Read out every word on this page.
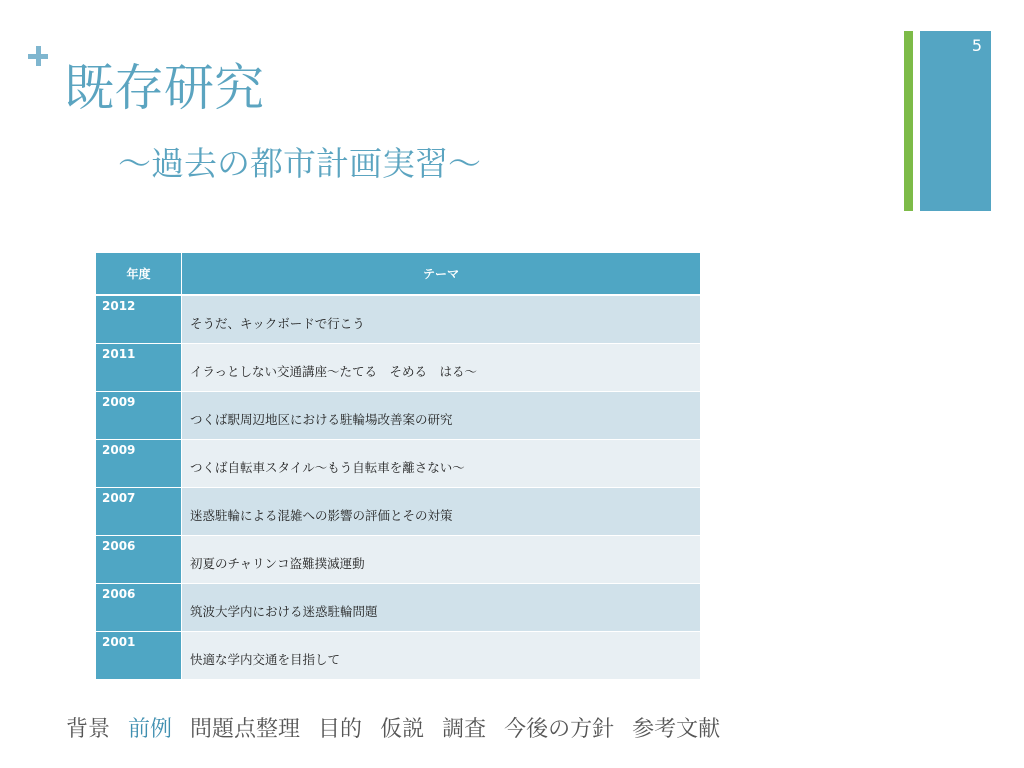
既存研究
～過去の都市計画実習～
5
年度	テーマ
2012	そうだ、キックボードで行こう
2011	イラっとしない交通講座～たてる　そめる　はる～
2009	つくば駅周辺地区における駐輪場改善案の研究
2009	つくば自転車スタイル～もう自転車を離さない～
2007	迷惑駐輪による混雑への影響の評価とその対策
2006	初夏のチャリンコ盗難撲滅運動
2006	筑波大学内における迷惑駐輪問題
2001	快適な学内交通を目指して
背景 前例 問題点整理 目的 仮説 調査 今後の方針 参考文献
